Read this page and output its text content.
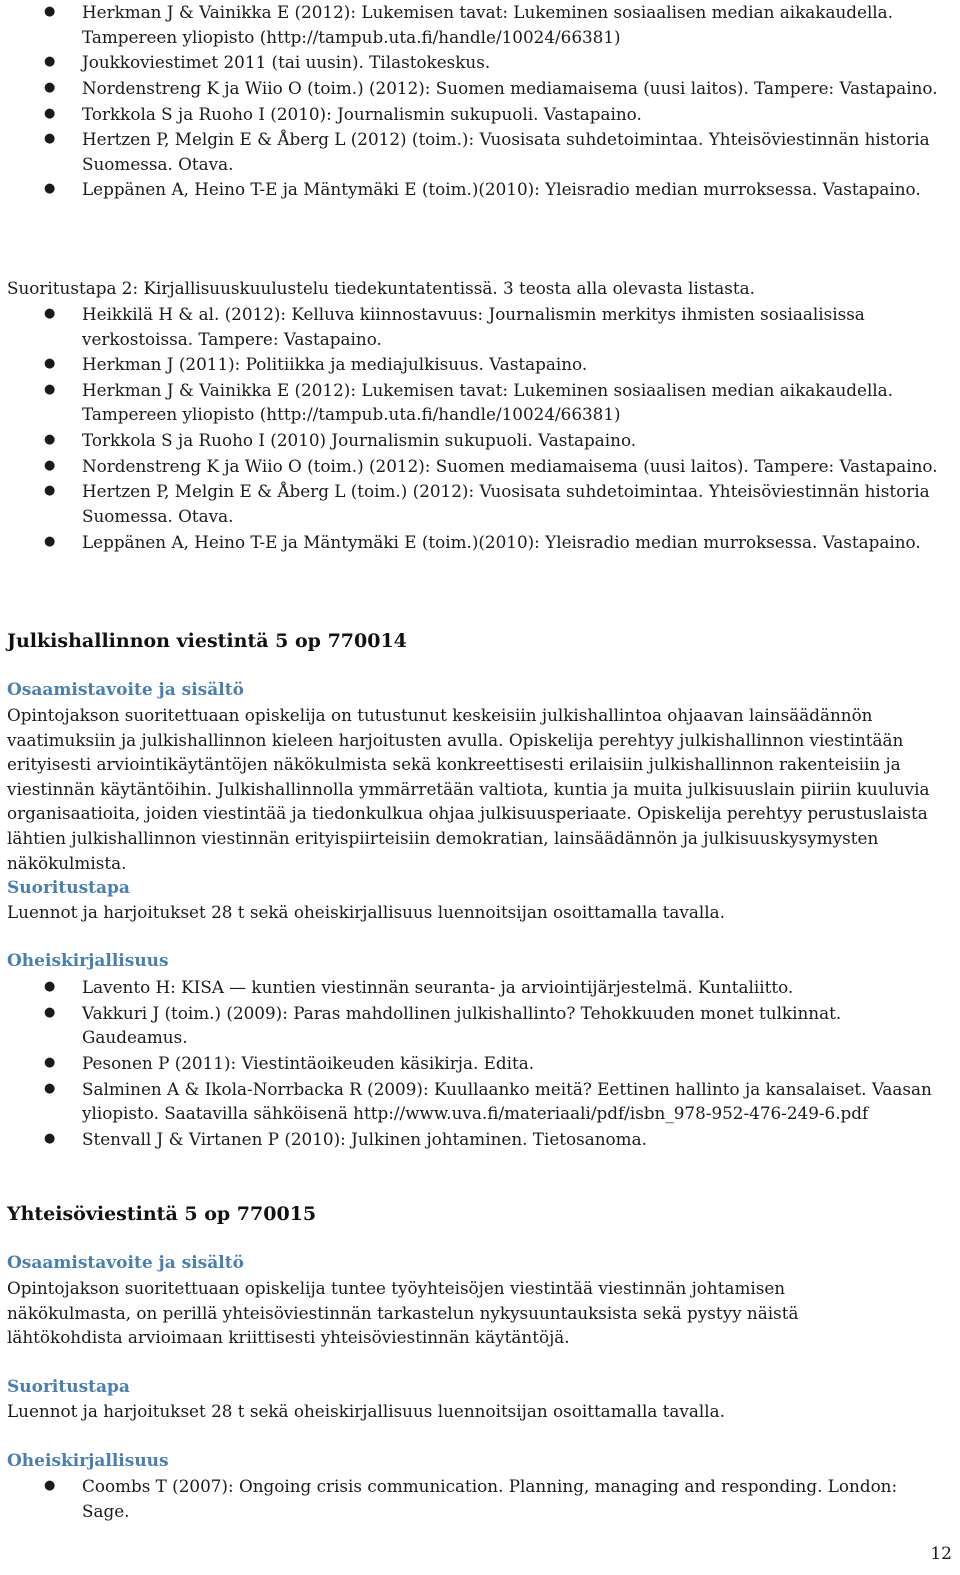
● Herkman J & Vainikka E (2012): Lukemisen tavat: Lukeminen sosiaalisen median aikakaudella. Tampereen yliopisto (http://tampub.uta.fi/handle/10024/66381)
● Joukkoviestimet 2011 (tai uusin). Tilastokeskus.
● Nordenstreng K ja Wiio O (toim.) (2012): Suomen mediamaisema (uusi laitos). Tampere: Vastapaino.
● Torkkola S ja Ruoho I (2010): Journalismin sukupuoli. Vastapaino.
● Hertzen P, Melgin E & Åberg L (2012) (toim.): Vuosisata suhdetoimintaa. Yhteisöviestinnän historia Suomessa. Otava.
● Leppänen A, Heino T-E ja Mäntymäki E (toim.)(2010): Yleisradio median murroksessa. Vastapaino.

Suoritustapa 2: Kirjallisuuskuulustelu tiedekuntatentissä. 3 teosta alla olevasta listasta.

● Heikkilä H & al. (2012): Kelluva kiinnostavuus: Journalismin merkitys ihmisten sosiaalisissa verkostoissa. Tampere: Vastapaino.
● Herkman J (2011): Politiikka ja mediajulkisuus. Vastapaino.
● Herkman J & Vainikka E (2012): Lukemisen tavat: Lukeminen sosiaalisen median aikakaudella. Tampereen yliopisto (http://tampub.uta.fi/handle/10024/66381)
● Torkkola S ja Ruoho I (2010) Journalismin sukupuoli. Vastapaino.
● Nordenstreng K ja Wiio O (toim.) (2012): Suomen mediamaisema (uusi laitos). Tampere: Vastapaino.
● Hertzen P, Melgin E & Åberg L (toim.) (2012): Vuosisata suhdetoimintaa. Yhteisöviestinnän historia Suomessa. Otava.
● Leppänen A, Heino T-E ja Mäntymäki E (toim.)(2010): Yleisradio median murroksessa. Vastapaino.
Julkishallinnon viestintä 5 op 770014
Osaamistavoite ja sisältö

Opintojakson suoritettuaan opiskelija on tutustunut keskeisiin julkishallintoa ohjaavan lainsäädännön vaatimuksiin ja julkishallinnon kieleen harjoitusten avulla. Opiskelija perehtyy julkishallinnon viestintään erityisesti arviointikäytäntöjen näkökulmista sekä konkreettisesti erilaisiin julkishallinnon rakenteisiin ja viestinnän käytäntöihin. Julkishallinnolla ymmärretään valtiota, kuntia ja muita julkisuuslain piiriin kuuluvia organisaatioita, joiden viestintää ja tiedonkulkua ohjaa julkisuusperiaate. Opiskelija perehtyy perustuslaista lähtien julkishallinnon viestinnän erityispiirteisiin demokratian, lainsäädännön ja julkisuuskysymysten näkökulmista.

Suoritustapa

Luennot ja harjoitukset 28 t sekä oheiskirjallisuus luennoitsijan osoittamalla tavalla.

Oheiskirjallisuus
● Lavento H: KISA — kuntien viestinnän seuranta- ja arviointijärjestelmä. Kuntaliitto.
● Vakkuri J (toim.) (2009): Paras mahdollinen julkishallinto? Tehokkuuden monet tulkinnat. Gaudeamus.
● Pesonen P (2011): Viestintäoikeuden käsikirja. Edita.
● Salminen A & Ikola-Norrbacka R (2009): Kuullaanko meitä? Eettinen hallinto ja kansalaiset. Vaasan yliopisto. Saatavilla sähköisenä http://www.uva.fi/materiaali/pdf/isbn_978-952-476-249-6.pdf
● Stenvall J & Virtanen P (2010): Julkinen johtaminen. Tietosanoma.
Yhteisöviestintä 5 op 770015
Osaamistavoite ja sisältö

Opintojakson suoritettuaan opiskelija tuntee työyhteisöjen viestintää viestinnän johtamisen näkökulmasta, on perillä yhteisöviestinnän tarkastelun nykysuuntauksista sekä pystyy näistä lähtökohdista arvioimaan kriittisesti yhteisöviestinnän käytäntöjä.

Suoritustapa

Luennot ja harjoitukset 28 t sekä oheiskirjallisuus luennoitsijan osoittamalla tavalla.

Oheiskirjallisuus
● Coombs T (2007): Ongoing crisis communication. Planning, managing and responding. London: Sage.
12
